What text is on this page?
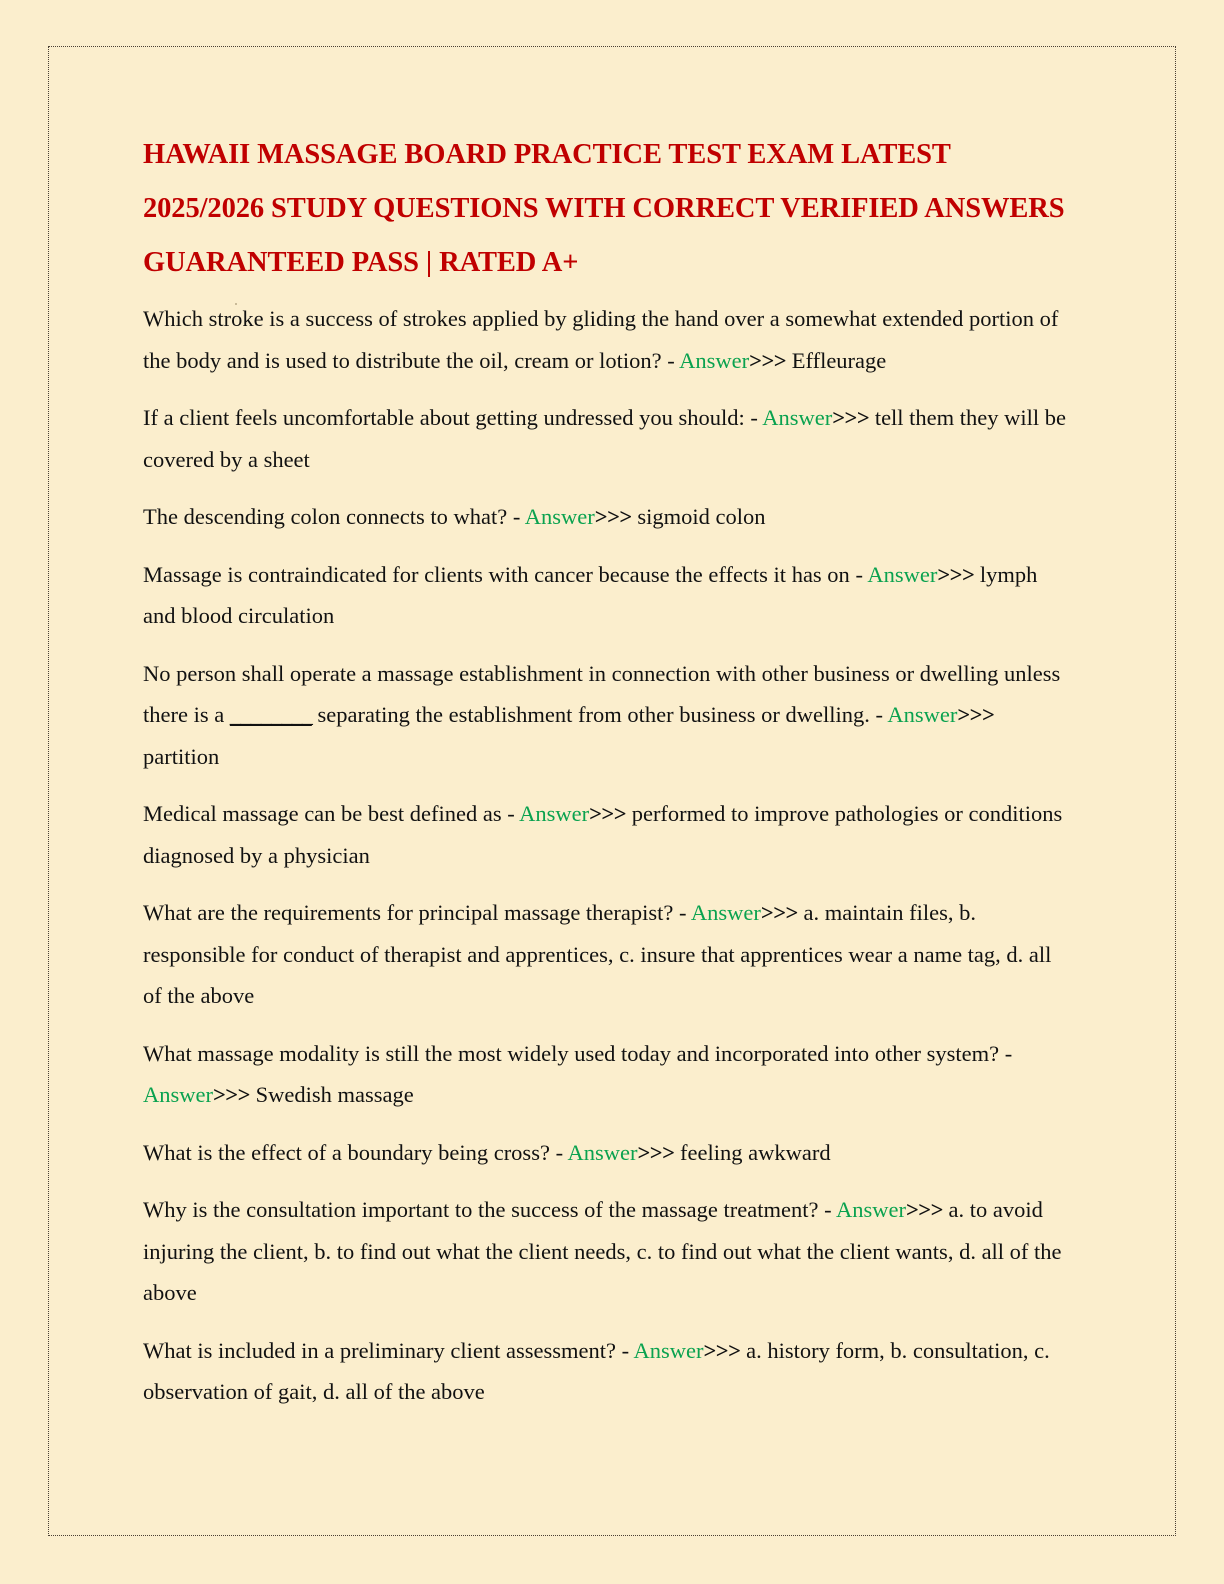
HAWAII MASSAGE BOARD PRACTICE TEST EXAM LATEST 2025/2026 STUDY QUESTIONS WITH CORRECT VERIFIED ANSWERS GUARANTEED PASS | RATED A+

Which stroke is a success of strokes applied by gliding the hand over a somewhat extended portion of the body and is used to distribute the oil, cream or lotion? - Answer>>> Effleurage

If a client feels uncomfortable about getting undressed you should: - Answer>>> tell them they will be covered by a sheet

The descending colon connects to what? - Answer>>> sigmoid colon

Massage is contraindicated for clients with cancer because the effects it has on - Answer>>> lymph and blood circulation

No person shall operate a massage establishment in connection with other business or dwelling unless there is a ________ separating the establishment from other business or dwelling. - Answer>>> partition

Medical massage can be best defined as - Answer>>> performed to improve pathologies or conditions diagnosed by a physician

What are the requirements for principal massage therapist? - Answer>>> a. maintain files, b. responsible for conduct of therapist and apprentices, c. insure that apprentices wear a name tag, d. all of the above

What massage modality is still the most widely used today and incorporated into other system? - Answer>>> Swedish massage

What is the effect of a boundary being cross? - Answer>>> feeling awkward

Why is the consultation important to the success of the massage treatment? - Answer>>> a. to avoid injuring the client, b. to find out what the client needs, c. to find out what the client wants, d. all of the above

What is included in a preliminary client assessment? - Answer>>> a. history form, b. consultation, c. observation of gait, d. all of the above
